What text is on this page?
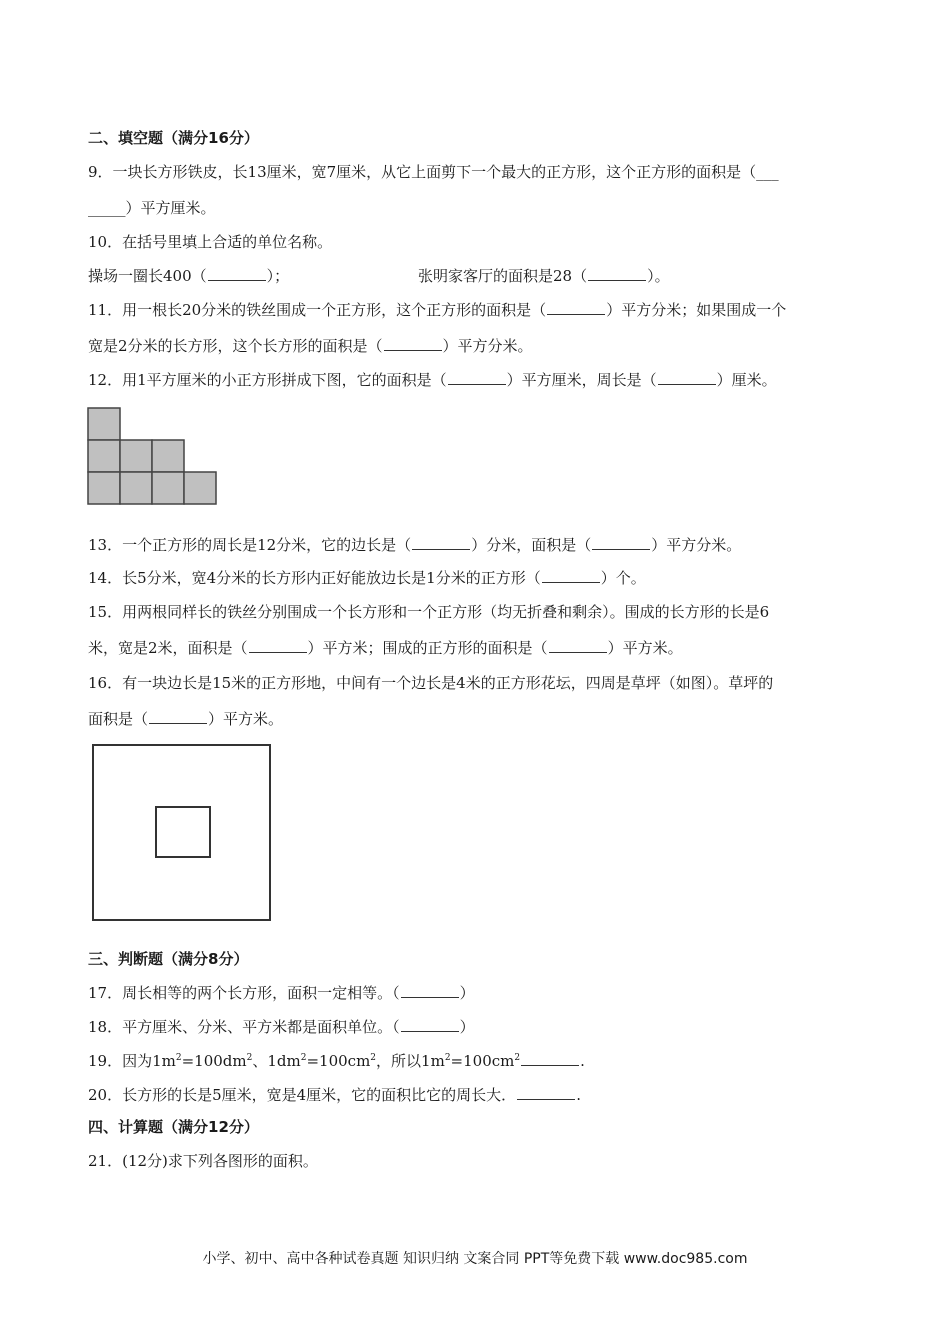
二、填空题（满分16分）
9．一块长方形铁皮，长13厘米，宽7厘米，从它上面剪下一个最大的正方形，这个正方形的面积是（___
_____）平方厘米。
10．在括号里填上合适的单位名称。
操场一圈长400（	）；	张明家客厅的面积是28（	）。
11．用一根长20分米的铁丝围成一个正方形，这个正方形的面积是（	）平方分米；如果围成一个
宽是2分米的长方形，这个长方形的面积是（	）平方分米。
12．用1平方厘米的小正方形拼成下图，它的面积是（	）平方厘米，周长是（	）厘米。
13．一个正方形的周长是12分米，它的边长是（	）分米，面积是（	）平方分米。
14．长5分米，宽4分米的长方形内正好能放边长是1分米的正方形（	）个。
15．用两根同样长的铁丝分别围成一个长方形和一个正方形（均无折叠和剩余）。围成的长方形的长是6
米，宽是2米，面积是（	）平方米；围成的正方形的面积是（	）平方米。
16．有一块边长是15米的正方形地，中间有一个边长是4米的正方形花坛，四周是草坪（如图）。草坪的
面积是（	）平方米。
三、判断题（满分8分）
17．周长相等的两个长方形，面积一定相等。（	）
18．平方厘米、分米、平方米都是面积单位。（	）
19．因为$1m^2=100dm^2$、$1dm^2=100cm^2$，所以$1m^2=100cm^2$	.
20．长方形的长是5厘米，宽是4厘米，它的面积比它的周长大．	.
四、计算题（满分12分）
21．(12分)求下列各图形的面积。
小学、初中、高中各种试卷真题 知识归纳 文案合同 PPT等免费下载 www.doc985.com
